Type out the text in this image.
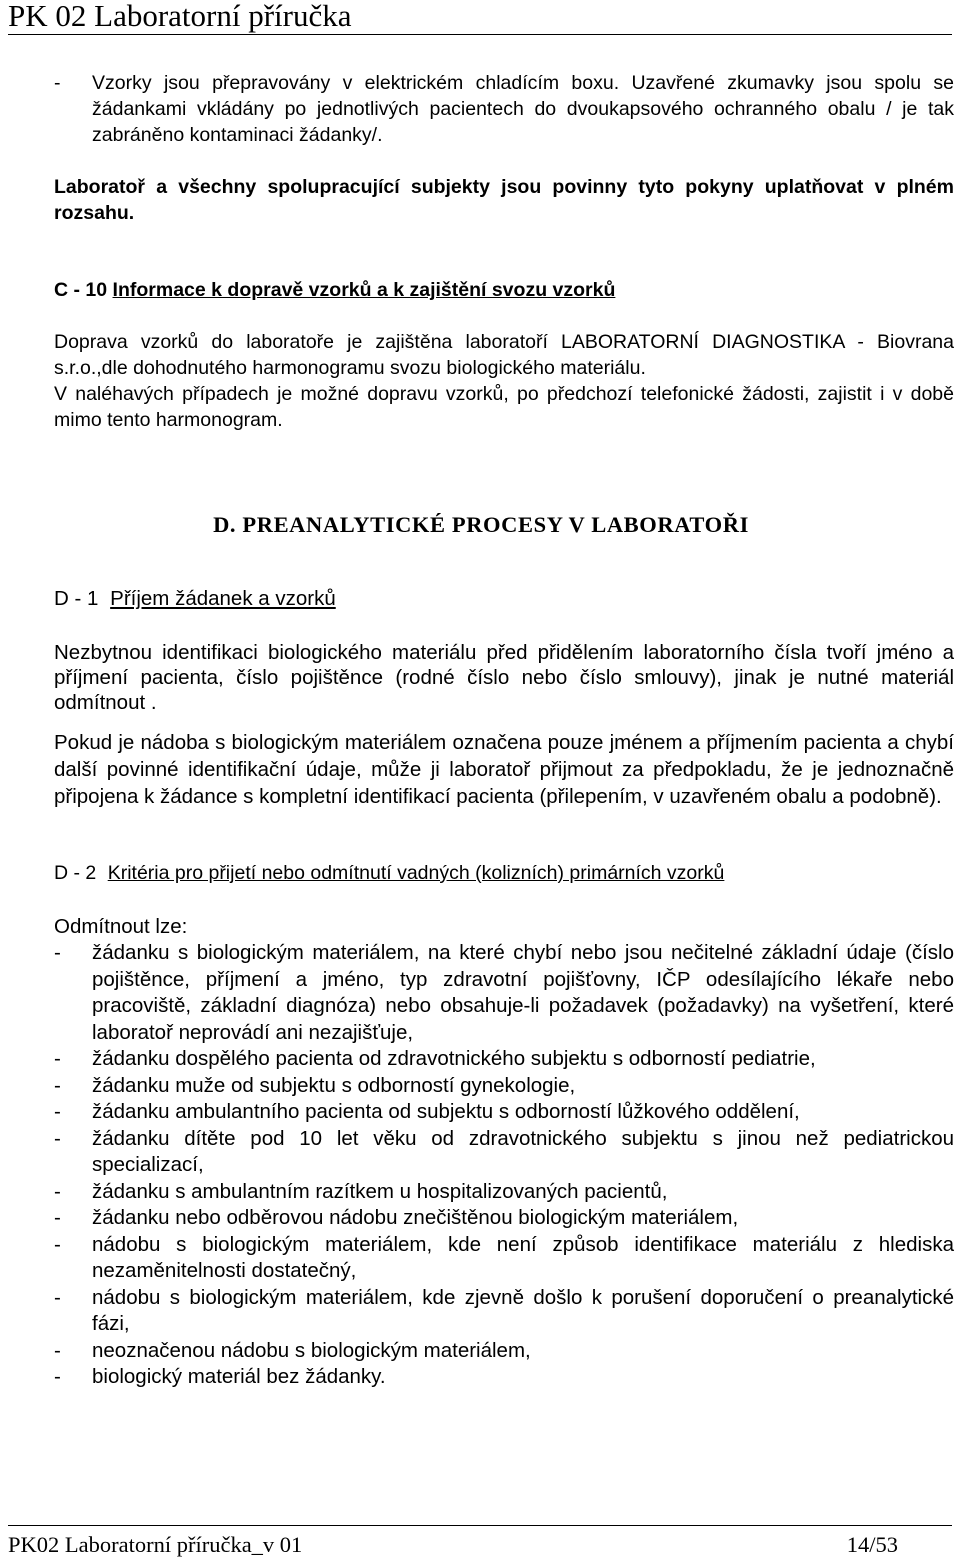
PK 02 Laboratorní příručka

- Vzorky jsou přepravovány v elektrickém chladícím boxu. Uzavřené zkumavky jsou spolu se žádankami vkládány po jednotlivých pacientech do dvoukapsového ochranného obalu / je tak zabráněno kontaminaci žádanky/.

Laboratoř a všechny spolupracující subjekty jsou povinny tyto pokyny uplatňovat v plném rozsahu.

C - 10 Informace k dopravě vzorků a k zajištění svozu vzorků

Doprava vzorků do laboratoře je zajištěna laboratoří LABORATORNÍ DIAGNOSTIKA - Biovrana s.r.o.,dle dohodnutého harmonogramu svozu biologického materiálu.

V naléhavých případech je možné dopravu vzorků, po předchozí telefonické žádosti, zajistit i v době mimo tento harmonogram.

D. PREANALYTICKÉ PROCESY V LABORATOŘI

D - 1 Příjem žádanek a vzorků

Nezbytnou identifikaci biologického materiálu před přidělením laboratorního čísla tvoří jméno a příjmení pacienta, číslo pojištěnce (rodné číslo nebo číslo smlouvy), jinak je nutné materiál odmítnout .

Pokud je nádoba s biologickým materiálem označena pouze jménem a příjmením pacienta a chybí další povinné identifikační údaje, může ji laboratoř přijmout za předpokladu, že je jednoznačně připojena k žádance s kompletní identifikací pacienta (přilepením, v uzavřeném obalu a podobně).

D - 2 Kritéria pro přijetí nebo odmítnutí vadných (kolizních) primárních vzorků

Odmítnout lze:

- žádanku s biologickým materiálem, na které chybí nebo jsou nečitelné základní údaje (číslo pojištěnce, příjmení a jméno, typ zdravotní pojišťovny, IČP odesílajícího lékaře nebo pracoviště, základní diagnóza) nebo obsahuje-li požadavek (požadavky) na vyšetření, které laboratoř neprovádí ani nezajišťuje,

- žádanku dospělého pacienta od zdravotnického subjektu s odborností pediatrie,

- žádanku muže od subjektu s odborností gynekologie,

- žádanku ambulantního pacienta od subjektu s odborností lůžkového oddělení,

- žádanku dítěte pod 10 let věku od zdravotnického subjektu s jinou než pediatrickou specializací,

- žádanku s ambulantním razítkem u hospitalizovaných pacientů,

- žádanku nebo odběrovou nádobu znečištěnou biologickým materiálem,

- nádobu s biologickým materiálem, kde není způsob identifikace materiálu z hlediska nezaměnitelnosti dostatečný,

- nádobu s biologickým materiálem, kde zjevně došlo k porušení doporučení o preanalytické fázi,

- neoznačenou nádobu s biologickým materiálem,

- biologický materiál bez žádanky.

PK02 Laboratorní příručka_v 01	14/53
